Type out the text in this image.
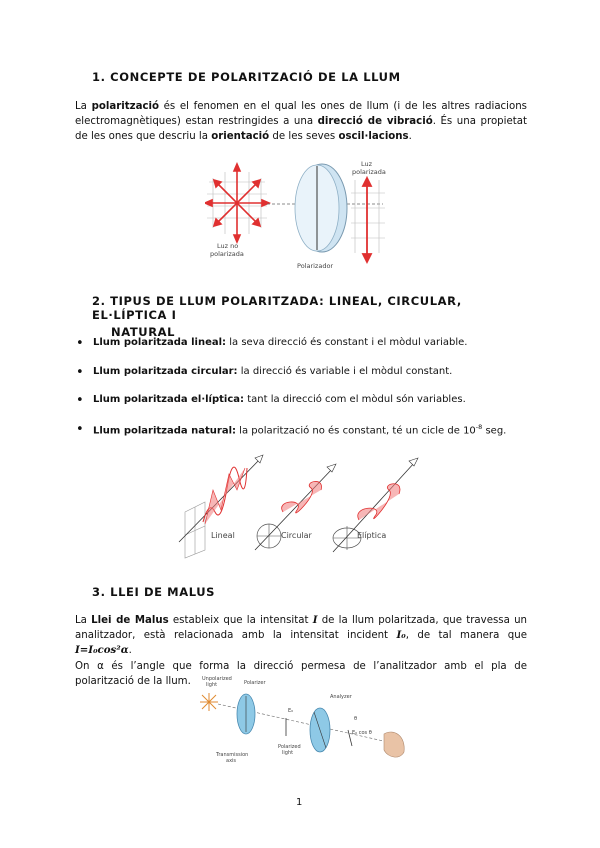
1. CONCEPTE DE POLARITZACIÓ DE LA LLUM
La polarització és el fenomen en el qual les ones de llum (i de les altres radiacions electromagnètiques) estan restringides a una direcció de vibració. És una propietat de les ones que descriu la orientació de les seves oscil·lacions.
Luz no
polarizada
Polarizador
Luz
polarizada
2. TIPUS DE LLUM POLARITZADA: LINEAL, CIRCULAR, EL·LÍPTICA I
NATURAL
• Llum polaritzada lineal: la seva direcció és constant i el mòdul variable.
• Llum polaritzada circular: la direcció és variable i el mòdul constant.
• Llum polaritzada el·líptica: tant la direcció com el mòdul són variables.
• Llum polaritzada natural: la polarització no és constant, té un cicle de $10^{-8}$ seg.
Lineal	Circular	Elíptica
3. LLEI DE MALUS
La Llei de Malus estableix que la intensitat I de la llum polaritzada, que travessa un analitzador, està relacionada amb la intensitat incident I₀, de tal manera que I=I₀cos²α.
On α és l’angle que forma la direcció permesa de l’analitzador amb el pla de polarització de la llum.	Unpolarized
light	Polarizer
Transmission
axis
E₀
Polarized
light
Analyzer
θ
E₀ cos θ
1
